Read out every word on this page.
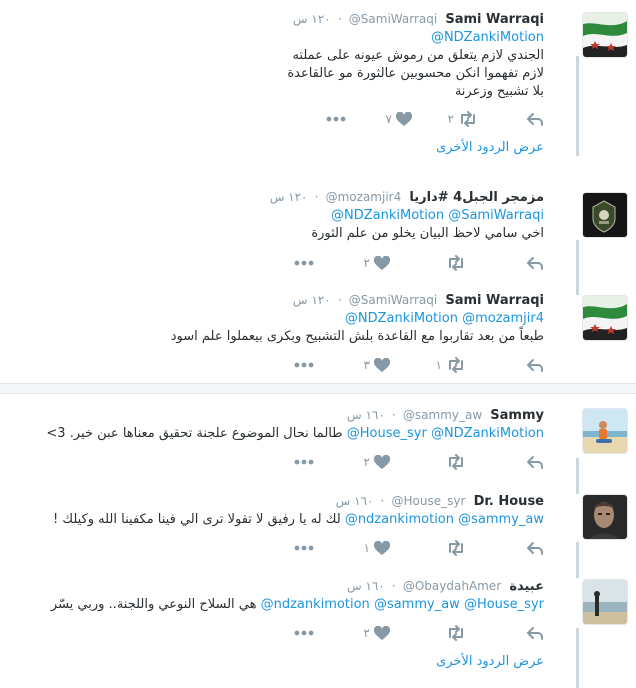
Sami Warraqi @SamiWarraqi · ١٢٠ س
@NDZankiMotion
الجندي لازم يتعلق من رموش عيونه على عملته
لازم تفهموا انكن محسوبين عالثورة مو عالقاعدة
بلا تشبيح وزعرنة
٢
٧
عرض الردود الأخرى
مزمجر الجبل4 #داريا @mozamjir4 · ١٢٠ س
@SamiWarraqi @NDZankiMotion
اخي سامي لاحظ البيان يخلو من علم الثورة
٢
Sami Warraqi @SamiWarraqi · ١٢٠ س
@mozamjir4 @NDZankiMotion
طبعاً من بعد تقاربوا مع القاعدة بلش التشبيح وبكرى بيعملوا علم اسود
١
٣
Sammy @sammy_aw · ١٦٠ س
@NDZankiMotion @House_syr طالما نحال الموضوع علجنة تحقيق معناها عبن خير. 3>
٢
Dr. House @House_syr · ١٦٠ س
@sammy_aw @ndzankimotion لك له يا رفيق لا تقولا ترى الي فينا مكفينا الله وكيلك !
١
عبيدة @ObaydahAmer · ١٦٠ س
@House_syr @sammy_aw @ndzankimotion هي السلاح النوعي واللجنة.. وربي يسّر
٢
عرض الردود الأخرى
